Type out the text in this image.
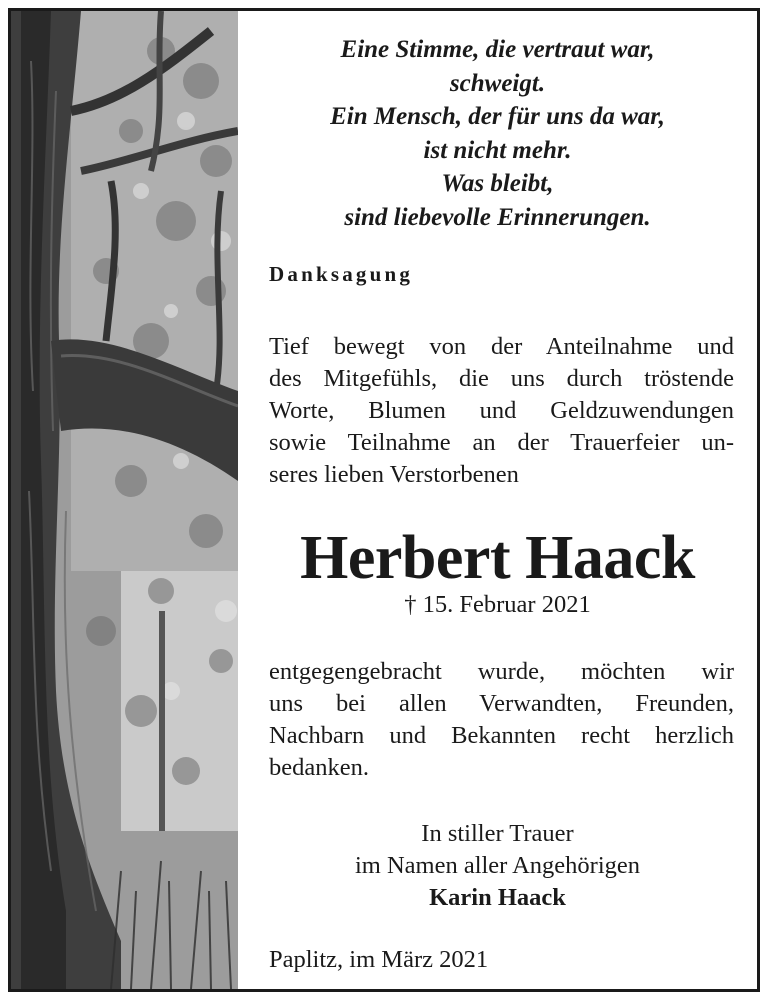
Eine Stimme, die vertraut war,
schweigt.
Ein Mensch, der für uns da war,
ist nicht mehr.
Was bleibt,
sind liebevolle Erinnerungen.
Danksagung
Tief bewegt von der Anteilnahme und
des Mitgefühls, die uns durch tröstende
Worte, Blumen und Geldzuwendungen
sowie Teilnahme an der Trauerfeier un-
seres lieben Verstorbenen
Herbert Haack
† 15. Februar 2021
entgegengebracht wurde, möchten wir
uns bei allen Verwandten, Freunden,
Nachbarn und Bekannten recht herzlich
bedanken.
In stiller Trauer
im Namen aller Angehörigen
Karin Haack
Paplitz, im März 2021
